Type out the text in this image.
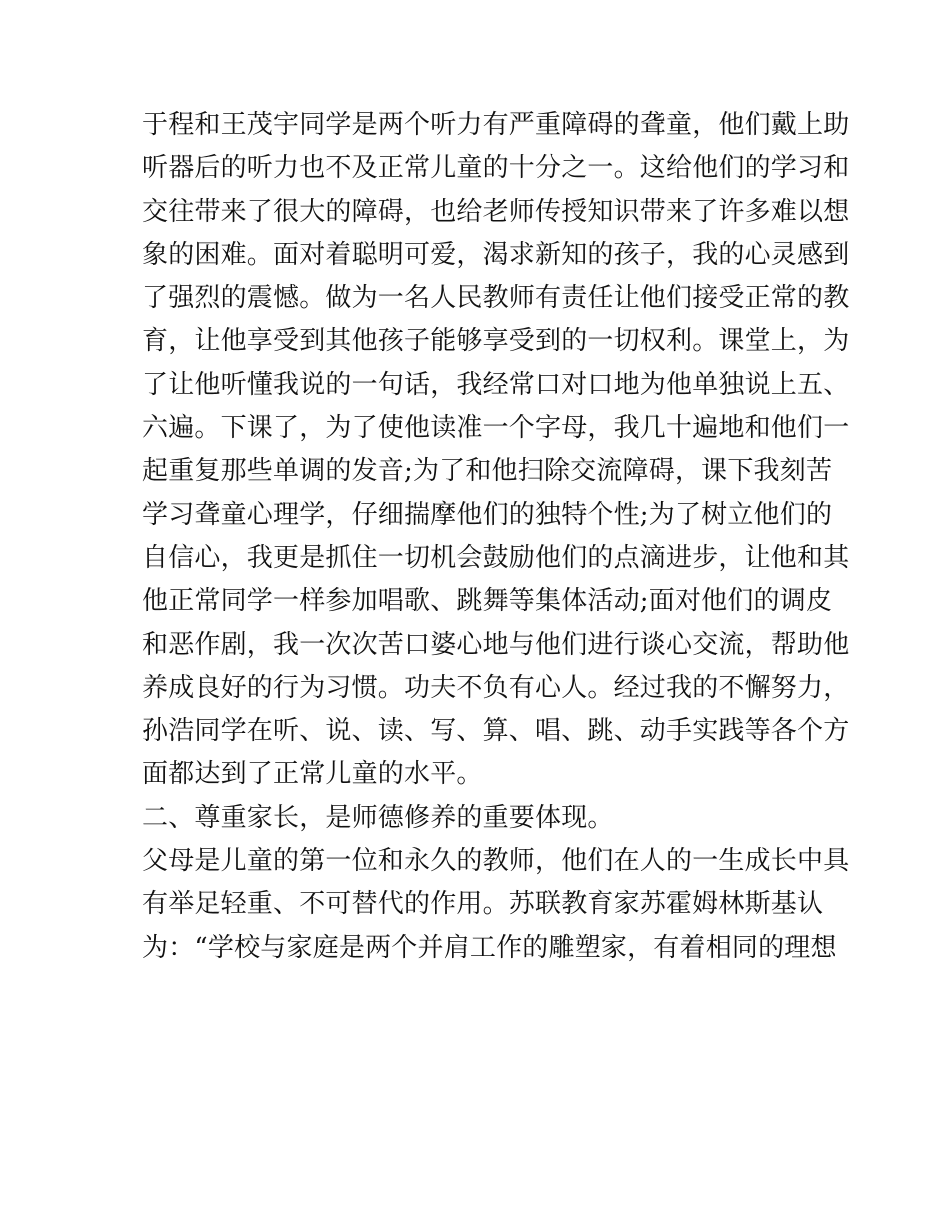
于程和王茂宇同学是两个听力有严重障碍的聋童，他们戴上助
听器后的听力也不及正常儿童的十分之一。这给他们的学习和
交往带来了很大的障碍，也给老师传授知识带来了许多难以想
象的困难。面对着聪明可爱，渴求新知的孩子，我的心灵感到
了强烈的震憾。做为一名人民教师有责任让他们接受正常的教
育，让他享受到其他孩子能够享受到的一切权利。课堂上，为
了让他听懂我说的一句话，我经常口对口地为他单独说上五、
六遍。下课了，为了使他读准一个字母，我几十遍地和他们一
起重复那些单调的发音;为了和他扫除交流障碍，课下我刻苦
学习聋童心理学，仔细揣摩他们的独特个性;为了树立他们的
自信心，我更是抓住一切机会鼓励他们的点滴进步，让他和其
他正常同学一样参加唱歌、跳舞等集体活动;面对他们的调皮
和恶作剧，我一次次苦口婆心地与他们进行谈心交流，帮助他
养成良好的行为习惯。功夫不负有心人。经过我的不懈努力，
孙浩同学在听、说、读、写、算、唱、跳、动手实践等各个方
面都达到了正常儿童的水平。
二、尊重家长，是师德修养的重要体现。
父母是儿童的第一位和永久的教师，他们在人的一生成长中具
有举足轻重、不可替代的作用。苏联教育家苏霍姆林斯基认
为：“学校与家庭是两个并肩工作的雕塑家，有着相同的理想
